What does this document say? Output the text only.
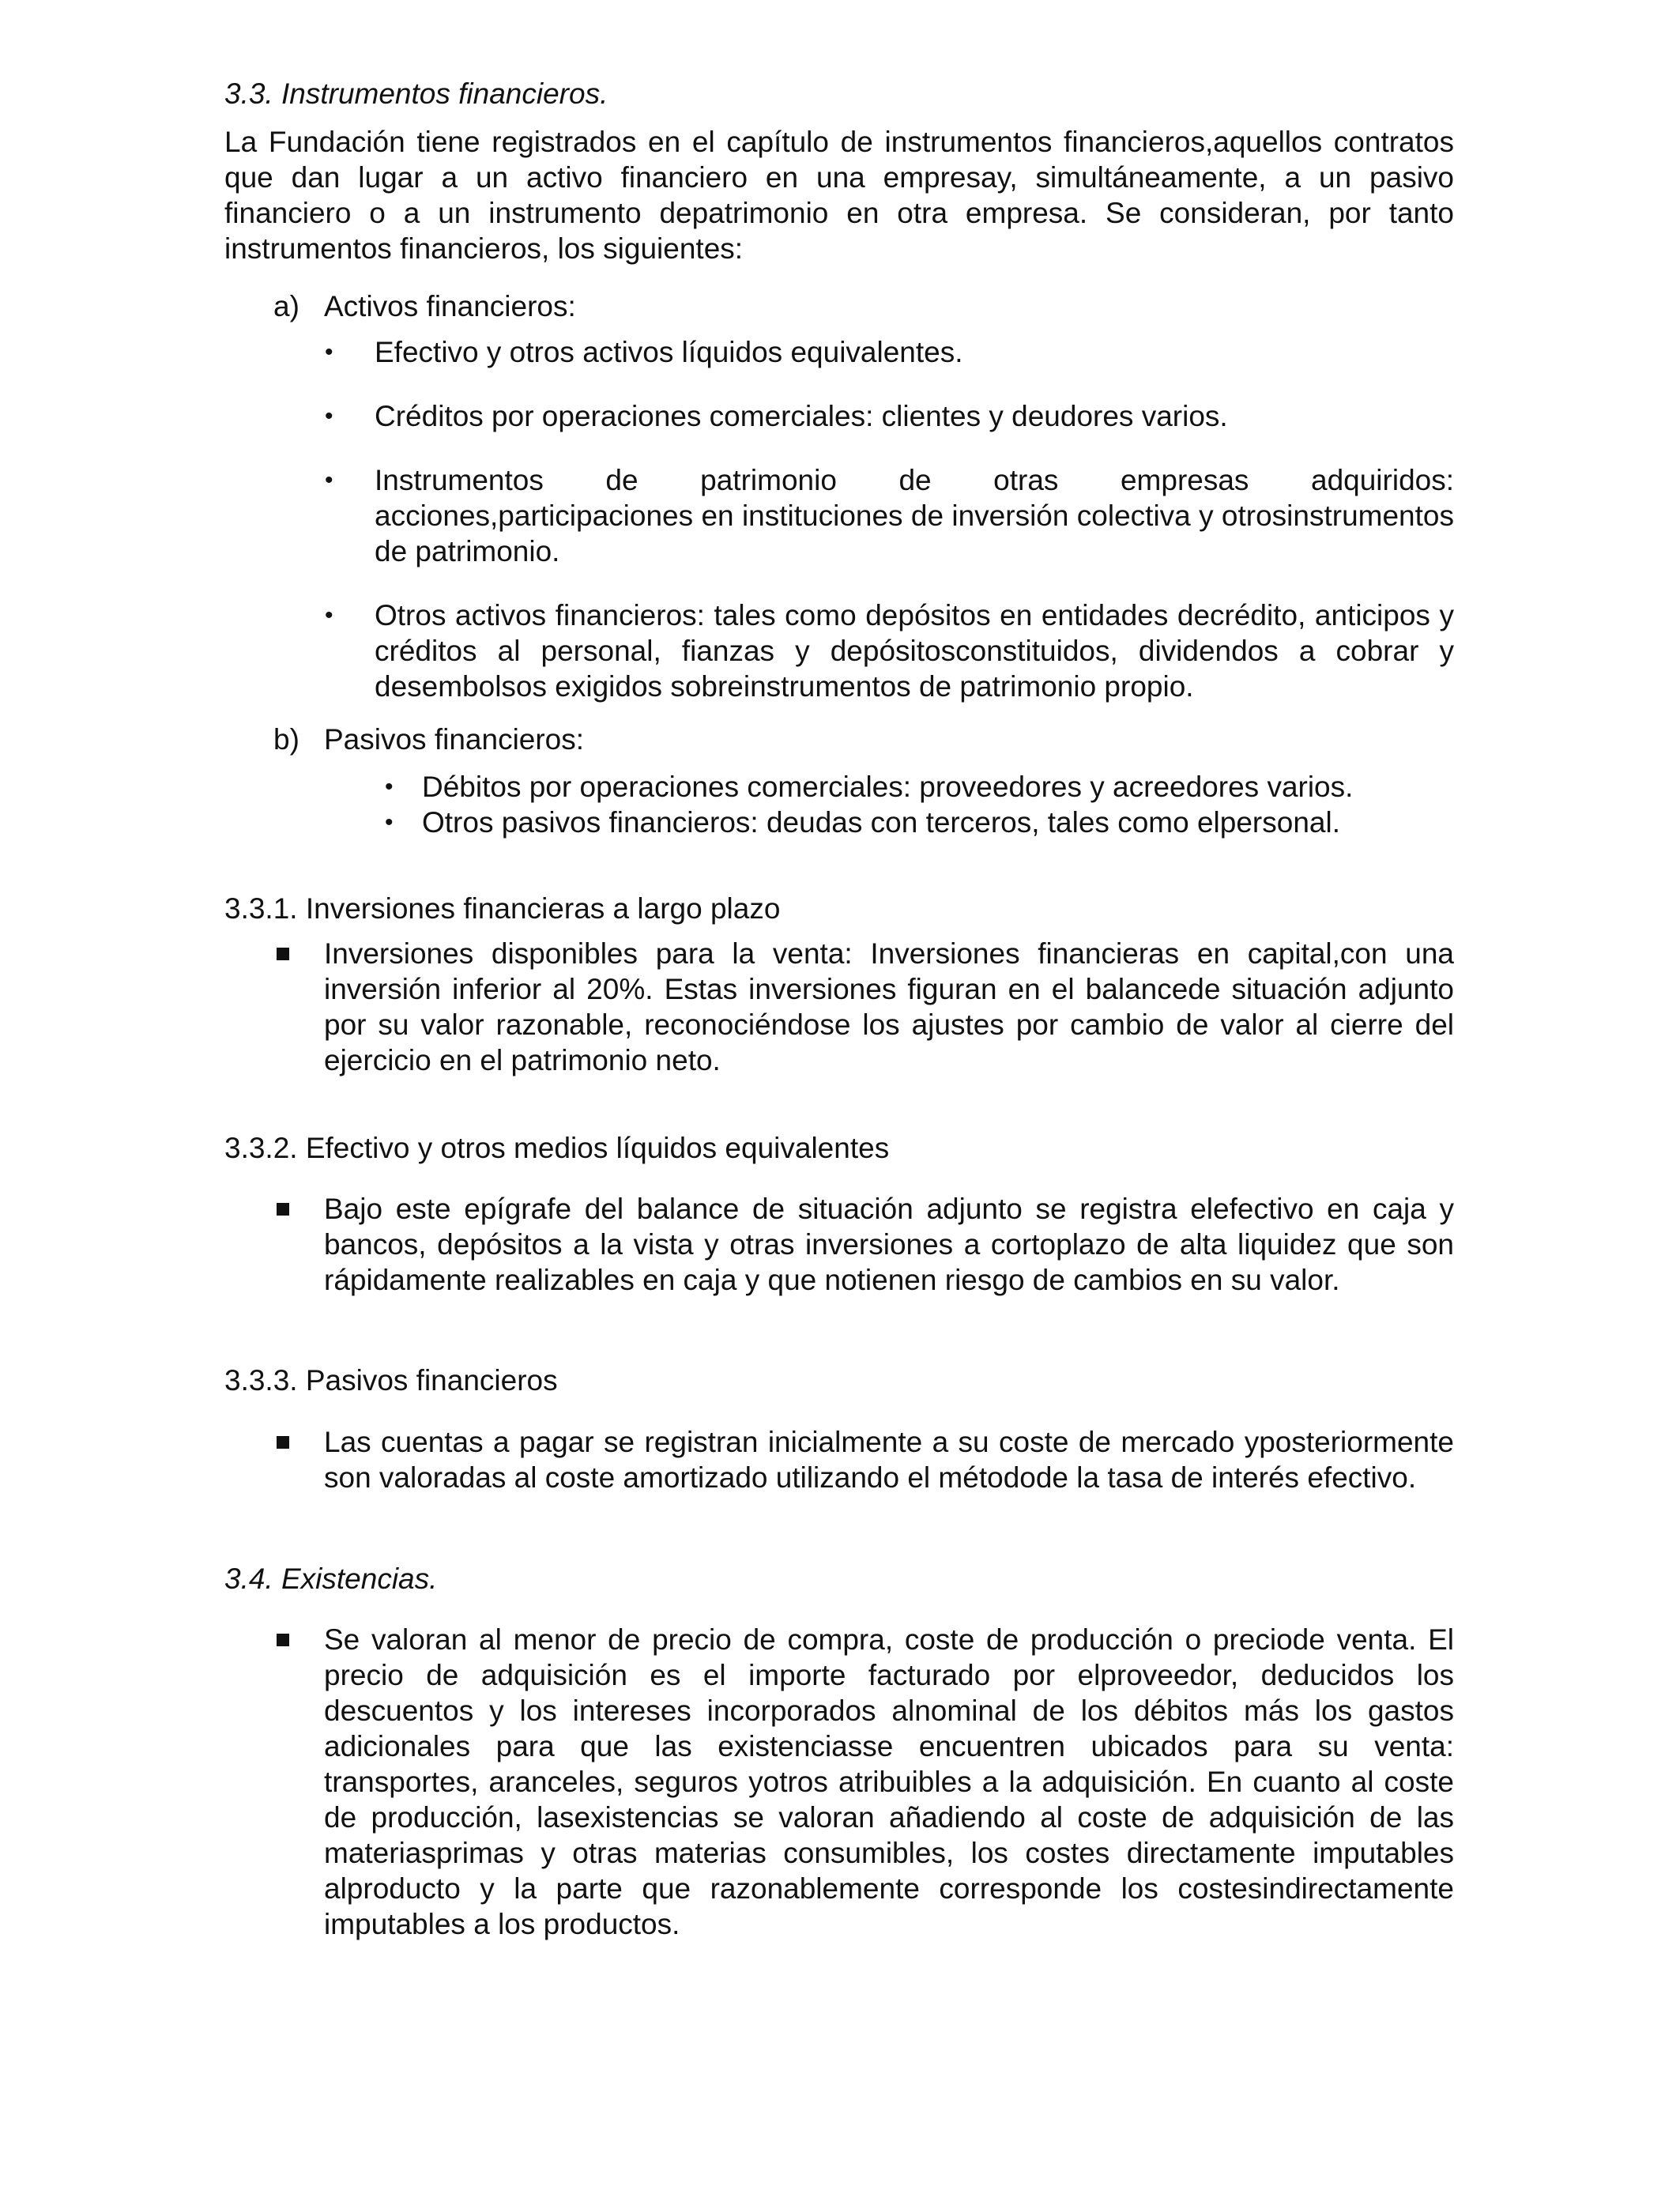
3.3. Instrumentos financieros.

La Fundación tiene registrados en el capítulo de instrumentos financieros,aquellos contratos que dan lugar a un activo financiero en una empresay, simultáneamente, a un pasivo financiero o a un instrumento depatrimonio en otra empresa. Se consideran, por tanto instrumentos financieros, los siguientes:

a) Activos financieros:
• Efectivo y otros activos líquidos equivalentes.
• Créditos por operaciones comerciales: clientes y deudores varios.
• Instrumentos de patrimonio de otras empresas adquiridos: acciones,participaciones en instituciones de inversión colectiva y otrosinstrumentos de patrimonio.
• Otros activos financieros: tales como depósitos en entidades decrédito, anticipos y créditos al personal, fianzas y depósitosconstituidos, dividendos a cobrar y desembolsos exigidos sobreinstrumentos de patrimonio propio.
b) Pasivos financieros:
• Débitos por operaciones comerciales: proveedores y acreedores varios.
• Otros pasivos financieros: deudas con terceros, tales como elpersonal.
3.3.1. Inversiones financieras a largo plazo
Inversiones disponibles para la venta: Inversiones financieras en capital,con una inversión inferior al 20%. Estas inversiones figuran en el balancede situación adjunto por su valor razonable, reconociéndose los ajustes por cambio de valor al cierre del ejercicio en el patrimonio neto.
3.3.2. Efectivo y otros medios líquidos equivalentes
Bajo este epígrafe del balance de situación adjunto se registra elefectivo en caja y bancos, depósitos a la vista y otras inversiones a cortoplazo de alta liquidez que son rápidamente realizables en caja y que notienen riesgo de cambios en su valor.
3.3.3. Pasivos financieros
Las cuentas a pagar se registran inicialmente a su coste de mercado yposteriormente son valoradas al coste amortizado utilizando el métodode la tasa de interés efectivo.
3.4. Existencias.
Se valoran al menor de precio de compra, coste de producción o preciode venta. El precio de adquisición es el importe facturado por elproveedor, deducidos los descuentos y los intereses incorporados alnominal de los débitos más los gastos adicionales para que las existenciasse encuentren ubicados para su venta: transportes, aranceles, seguros yotros atribuibles a la adquisición. En cuanto al coste de producción, lasexistencias se valoran añadiendo al coste de adquisición de las materiasprimas y otras materias consumibles, los costes directamente imputables alproducto y la parte que razonablemente corresponde los costesindirectamente imputables a los productos.
